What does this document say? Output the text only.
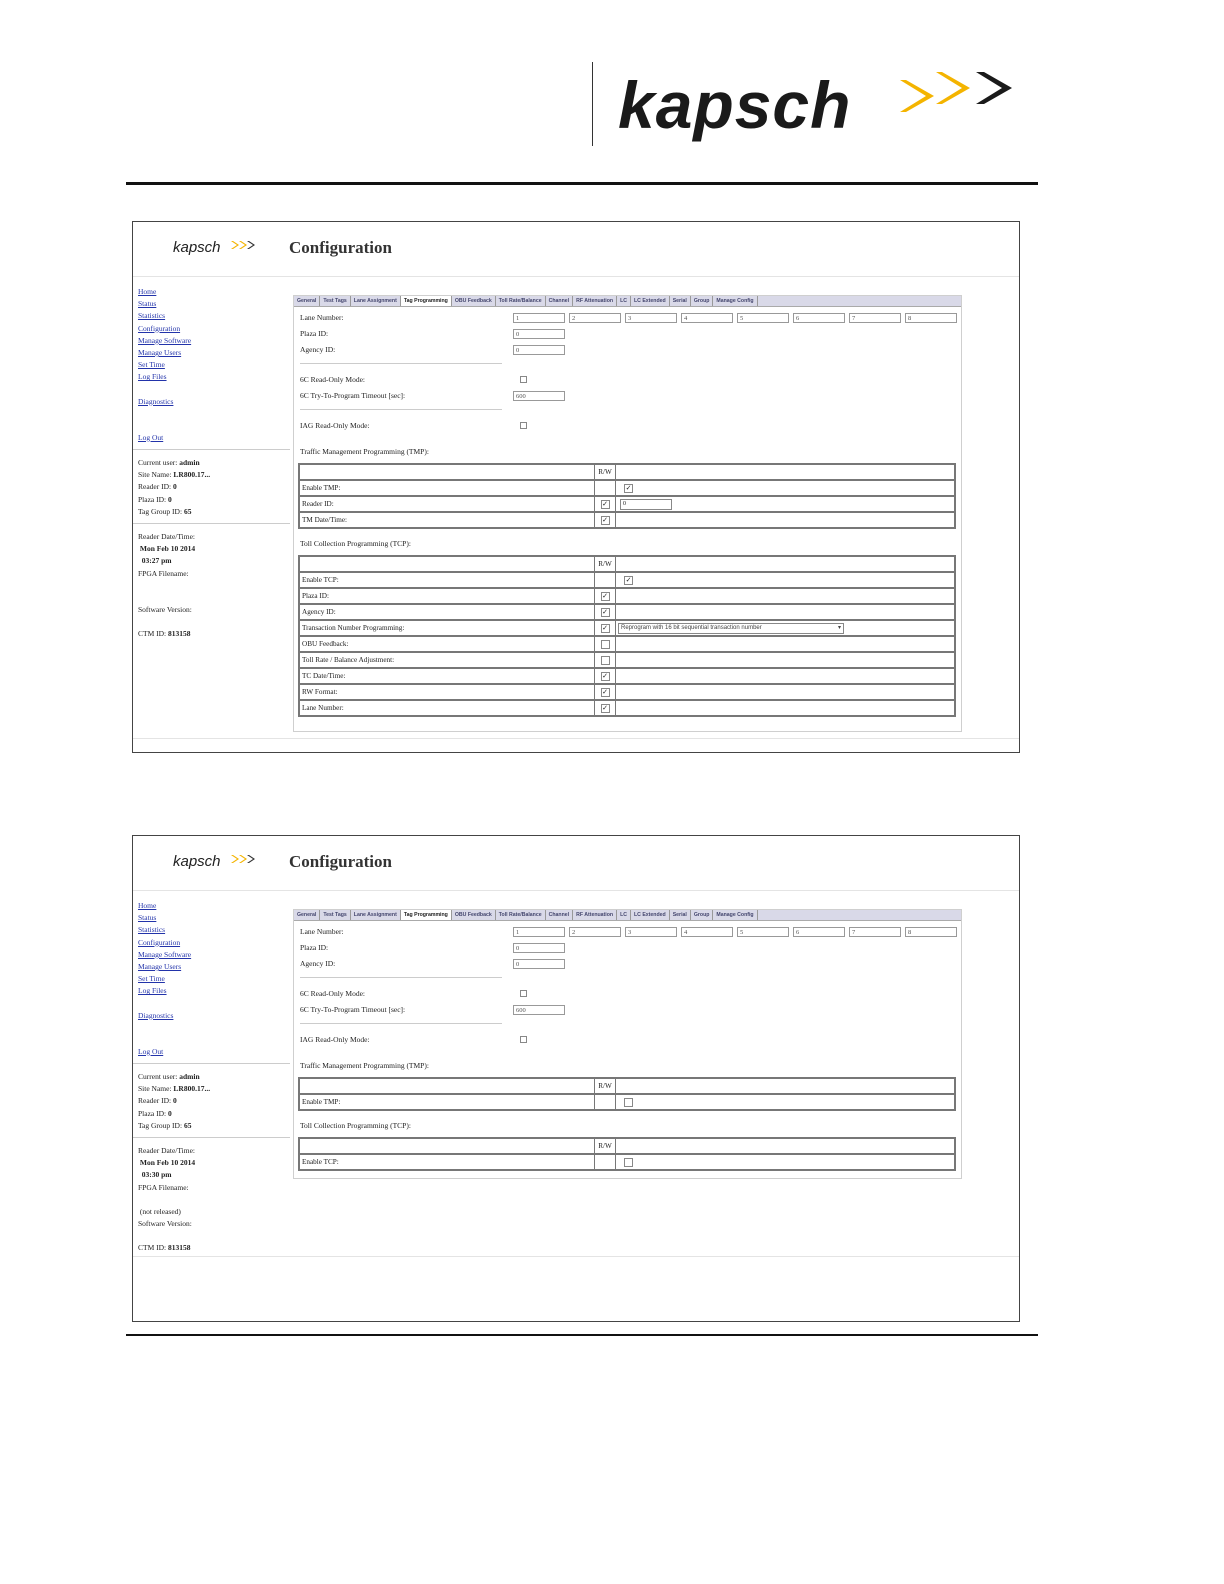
kapsch
kapsch	Configuration
Home
Status
Statistics
Configuration
Manage Software
Manage Users
Set Time
Log Files
Diagnostics
Log Out
Current user: admin
Site Name: LR800.17...
Reader ID: 0
Plaza ID: 0
Tag Group ID: 65
Reader Date/Time:
Mon Feb 10 2014
03:27 pm
FPGA Filename:

Software Version:
CTM ID: 813158
General	Test Tags	Lane Assignment	Tag Programming	OBU Feedback	Toll Rate/Balance	Channel	RF Attenuation	LC	LC Extended	Serial	Group	Manage Config
Lane Number:	1	2	3	4	5	6	7	8
Plaza ID:	0
Agency ID:	0
6C Read-Only Mode:
6C Try-To-Program Timeout [sec]:	600
IAG Read-Only Mode:
Traffic Management Programming (TMP):
	R/W	
Enable TMP:		✓
Reader ID:	✓	0
TM Date/Time:	✓	
Toll Collection Programming (TCP):
	R/W	
Enable TCP:		✓
Plaza ID:	✓	
Agency ID:	✓	
Transaction Number Programming:	✓	Reprogram with 16 bit sequential transaction number ▾

OBU Feedback:		
Toll Rate / Balance Adjustment:		
TC Date/Time:	✓	
RW Format:	✓	
Lane Number:	✓	
kapsch	Configuration
Home
Status
Statistics
Configuration
Manage Software
Manage Users
Set Time
Log Files
Diagnostics
Log Out
Current user: admin
Site Name: LR800.17...
Reader ID: 0
Plaza ID: 0
Tag Group ID: 65
Reader Date/Time:
Mon Feb 10 2014
03:30 pm
FPGA Filename:
(not released)
Software Version:
CTM ID: 813158
General	Test Tags	Lane Assignment	Tag Programming	OBU Feedback	Toll Rate/Balance	Channel	RF Attenuation	LC	LC Extended	Serial	Group	Manage Config
Lane Number:	1	2	3	4	5	6	7	8
Plaza ID:	0
Agency ID:	0
6C Read-Only Mode:
6C Try-To-Program Timeout [sec]:	600
IAG Read-Only Mode:
Traffic Management Programming (TMP):
	R/W	
Enable TMP:		
Toll Collection Programming (TCP):
	R/W	
Enable TCP:		
